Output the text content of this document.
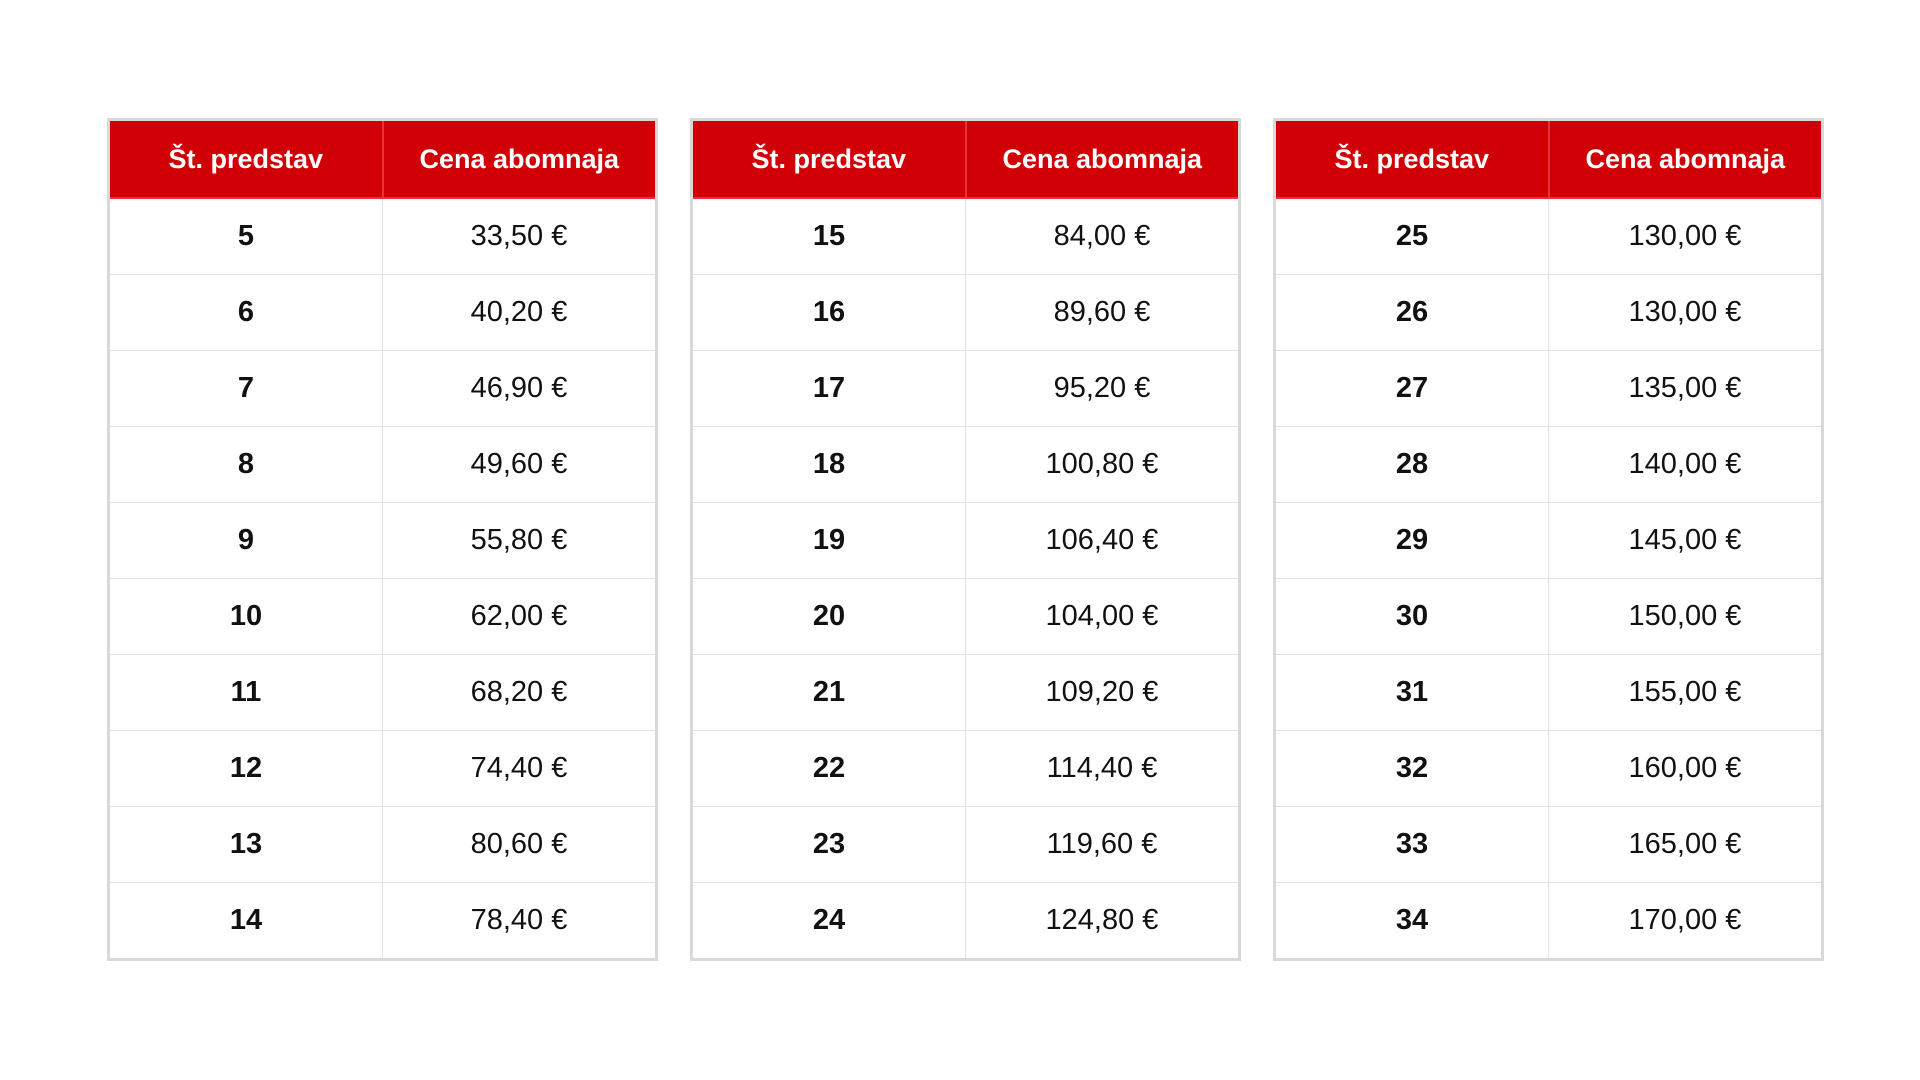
Št. predstav	Cena abomnaja
5	33,50 €
6	40,20 €
7	46,90 €
8	49,60 €
9	55,80 €
10	62,00 €
11	68,20 €
12	74,40 €
13	80,60 €
14	78,40 €
Št. predstav	Cena abomnaja
15	84,00 €
16	89,60 €
17	95,20 €
18	100,80 €
19	106,40 €
20	104,00 €
21	109,20 €
22	114,40 €
23	119,60 €
24	124,80 €
Št. predstav	Cena abomnaja
25	130,00 €
26	130,00 €
27	135,00 €
28	140,00 €
29	145,00 €
30	150,00 €
31	155,00 €
32	160,00 €
33	165,00 €
34	170,00 €
